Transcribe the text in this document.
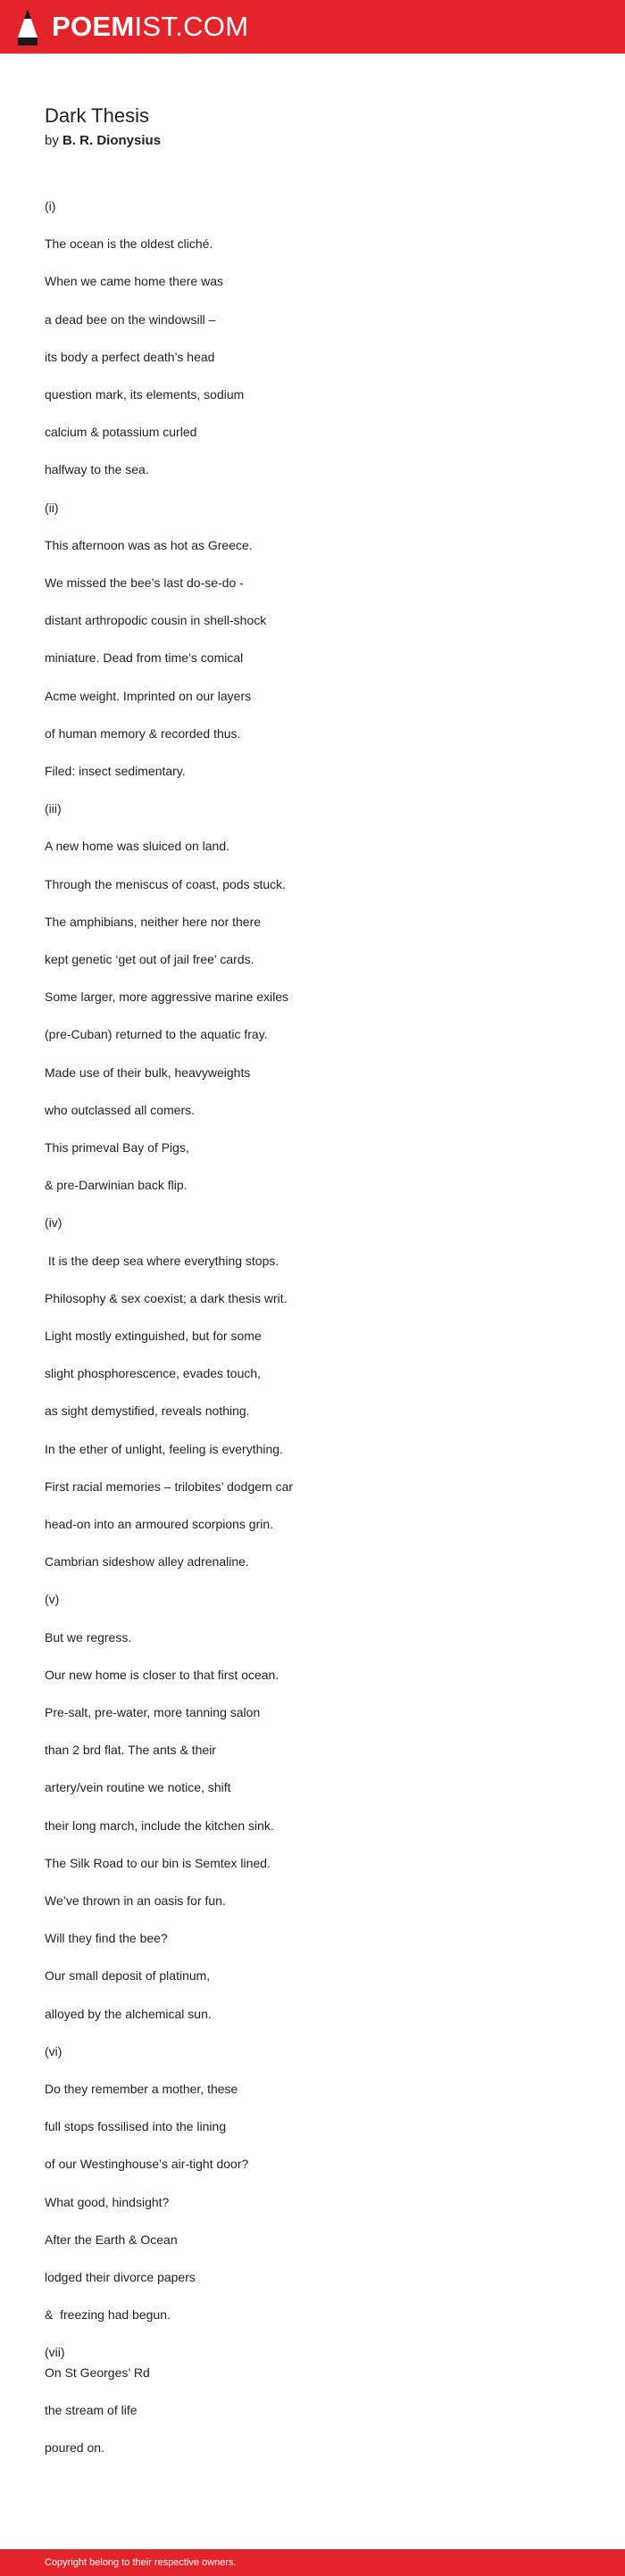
POEMIST.COM
Dark Thesis
by B. R. Dionysius
(i)
The ocean is the oldest cliché.
When we came home there was
a dead bee on the windowsill –
its body a perfect death’s head
question mark, its elements, sodium
calcium & potassium curled
halfway to the sea.
(ii)
This afternoon was as hot as Greece.
We missed the bee’s last do-se-do -
distant arthropodic cousin in shell-shock
miniature. Dead from time’s comical
Acme weight. Imprinted on our layers
of human memory & recorded thus.
Filed: insect sedimentary.
(iii)
A new home was sluiced on land.
Through the meniscus of coast, pods stuck.
The amphibians, neither here nor there
kept genetic ‘get out of jail free’ cards.
Some larger, more aggressive marine exiles
(pre-Cuban) returned to the aquatic fray.
Made use of their bulk, heavyweights
who outclassed all comers.
This primeval Bay of Pigs,
& pre-Darwinian back flip.
(iv)
It is the deep sea where everything stops.
Philosophy & sex coexist; a dark thesis writ.
Light mostly extinguished, but for some
slight phosphorescence, evades touch,
as sight demystified, reveals nothing.
In the ether of unlight, feeling is everything.
First racial memories – trilobites’ dodgem car
head-on into an armoured scorpions grin.
Cambrian sideshow alley adrenaline.
(v)
But we regress.
Our new home is closer to that first ocean.
Pre-salt, pre-water, more tanning salon
than 2 brd flat. The ants & their
artery/vein routine we notice, shift
their long march, include the kitchen sink.
The Silk Road to our bin is Semtex lined.
We’ve thrown in an oasis for fun.
Will they find the bee?
Our small deposit of platinum,
alloyed by the alchemical sun.
(vi)
Do they remember a mother, these
full stops fossilised into the lining
of our Westinghouse’s air-tight door?
What good, hindsight?
After the Earth & Ocean
lodged their divorce papers
&  freezing had begun.
(vii)
On St Georges’ Rd
the stream of life
poured on.
Copyright belong to their respective owners.
